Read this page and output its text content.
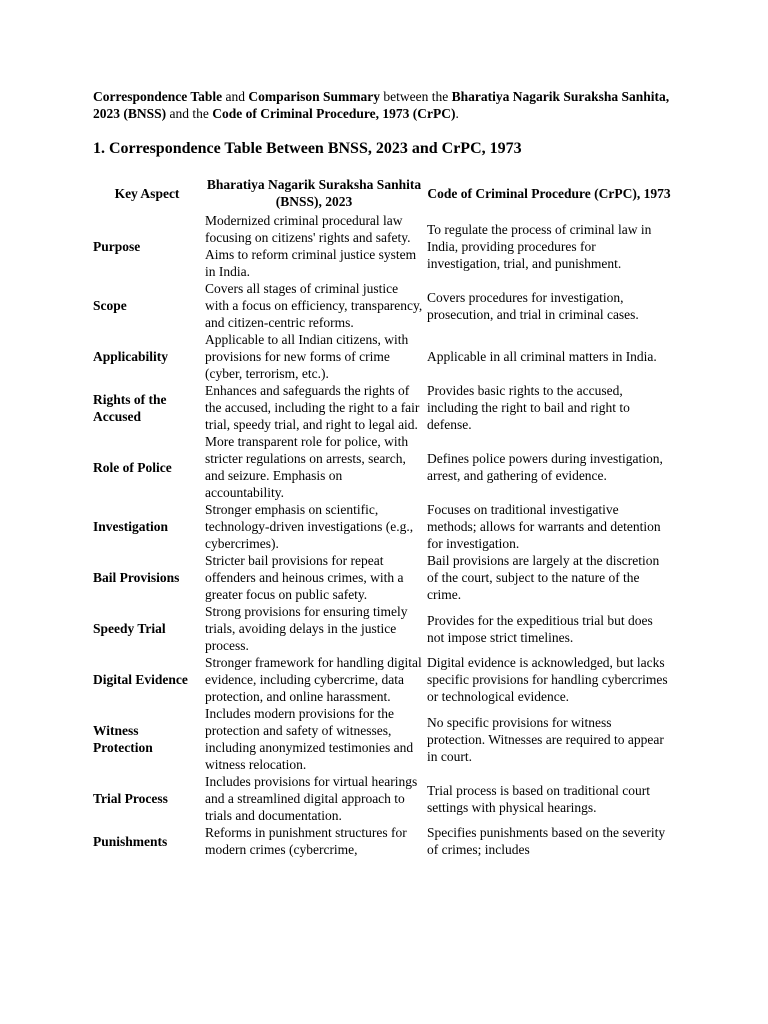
Correspondence Table and Comparison Summary between the Bharatiya Nagarik Suraksha Sanhita, 2023 (BNSS) and the Code of Criminal Procedure, 1973 (CrPC).

1. Correspondence Table Between BNSS, 2023 and CrPC, 1973
Key Aspect	Bharatiya Nagarik Suraksha Sanhita (BNSS), 2023	Code of Criminal Procedure (CrPC), 1973
Purpose	Modernized criminal procedural law focusing on citizens' rights and safety. Aims to reform criminal justice system in India.	To regulate the process of criminal law in India, providing procedures for investigation, trial, and punishment.
Scope	Covers all stages of criminal justice with a focus on efficiency, transparency, and citizen-centric reforms.	Covers procedures for investigation, prosecution, and trial in criminal cases.
Applicability	Applicable to all Indian citizens, with provisions for new forms of crime (cyber, terrorism, etc.).	Applicable in all criminal matters in India.
Rights of the Accused	Enhances and safeguards the rights of the accused, including the right to a fair trial, speedy trial, and right to legal aid.	Provides basic rights to the accused, including the right to bail and right to defense.
Role of Police	More transparent role for police, with stricter regulations on arrests, search, and seizure. Emphasis on accountability.	Defines police powers during investigation, arrest, and gathering of evidence.
Investigation	Stronger emphasis on scientific, technology-driven investigations (e.g., cybercrimes).	Focuses on traditional investigative methods; allows for warrants and detention for investigation.
Bail Provisions	Stricter bail provisions for repeat offenders and heinous crimes, with a greater focus on public safety.	Bail provisions are largely at the discretion of the court, subject to the nature of the crime.
Speedy Trial	Strong provisions for ensuring timely trials, avoiding delays in the justice process.	Provides for the expeditious trial but does not impose strict timelines.
Digital Evidence	Stronger framework for handling digital evidence, including cybercrime, data protection, and online harassment.	Digital evidence is acknowledged, but lacks specific provisions for handling cybercrimes or technological evidence.
Witness Protection	Includes modern provisions for the protection and safety of witnesses, including anonymized testimonies and witness relocation.	No specific provisions for witness protection. Witnesses are required to appear in court.
Trial Process	Includes provisions for virtual hearings and a streamlined digital approach to trials and documentation.	Trial process is based on traditional court settings with physical hearings.
Punishments	Reforms in punishment structures for modern crimes (cybercrime,	Specifies punishments based on the severity of crimes; includes
